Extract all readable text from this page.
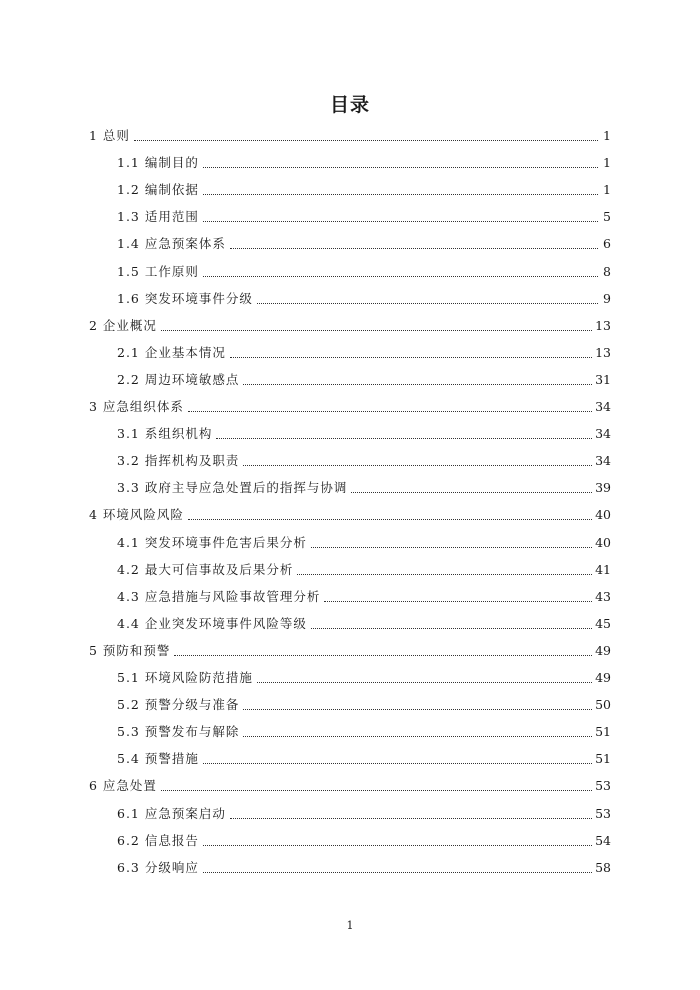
目录
1 总则	1
1.1 编制目的	1
1.2 编制依据	1
1.3 适用范围	5
1.4 应急预案体系	6
1.5 工作原则	8
1.6 突发环境事件分级	9
2 企业概况	13
2.1 企业基本情况	13
2.2 周边环境敏感点	31
3 应急组织体系	34
3.1 系组织机构	34
3.2 指挥机构及职责	34
3.3 政府主导应急处置后的指挥与协调	39
4 环境风险风险	40
4.1 突发环境事件危害后果分析	40
4.2 最大可信事故及后果分析	41
4.3 应急措施与风险事故管理分析	43
4.4 企业突发环境事件风险等级	45
5 预防和预警	49
5.1 环境风险防范措施	49
5.2 预警分级与准备	50
5.3 预警发布与解除	51
5.4 预警措施	51
6 应急处置	53
6.1 应急预案启动	53
6.2 信息报告	54
6.3 分级响应	58
1
